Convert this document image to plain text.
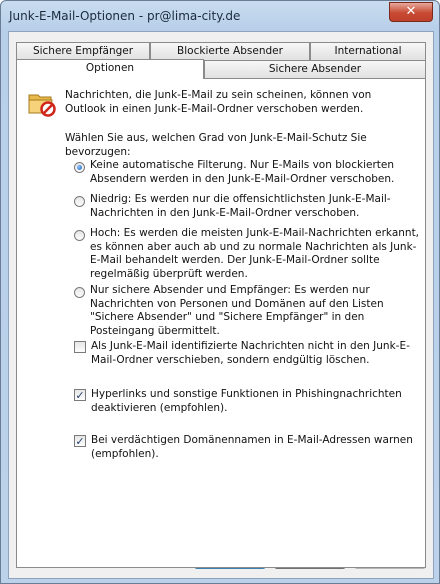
Junk-E-Mail-Optionen - pr@lima-city.de	✕
Sichere Empfänger	Blockierte Absender	International
Optionen	Sichere Absender
Nachrichten, die Junk-E-Mail zu sein scheinen, können von Outlook in einen Junk-E-Mail-Ordner verschoben werden.
Wählen Sie aus, welchen Grad von Junk-E-Mail-Schutz Sie bevorzugen:
Keine automatische Filterung. Nur E-Mails von blockierten Absendern werden in den Junk-E-Mail-Ordner verschoben.
Niedrig: Es werden nur die offensichtlichsten Junk-E-Mail-Nachrichten in den Junk-E-Mail-Ordner verschoben.
Hoch: Es werden die meisten Junk-E-Mail-Nachrichten erkannt, es können aber auch ab und zu normale Nachrichten als Junk-E-Mail behandelt werden. Der Junk-E-Mail-Ordner sollte regelmäßig überprüft werden.
Nur sichere Absender und Empfänger: Es werden nur Nachrichten von Personen und Domänen auf den Listen "Sichere Absender" und "Sichere Empfänger" in den Posteingang übermittelt.
Als Junk-E-Mail identifizierte Nachrichten nicht in den Junk-E-Mail-Ordner verschieben, sondern endgültig löschen.
✓ Hyperlinks und sonstige Funktionen in Phishingnachrichten deaktivieren (empfohlen).
✓ Bei verdächtigen Domänennamen in E-Mail-Adressen warnen (empfohlen).
